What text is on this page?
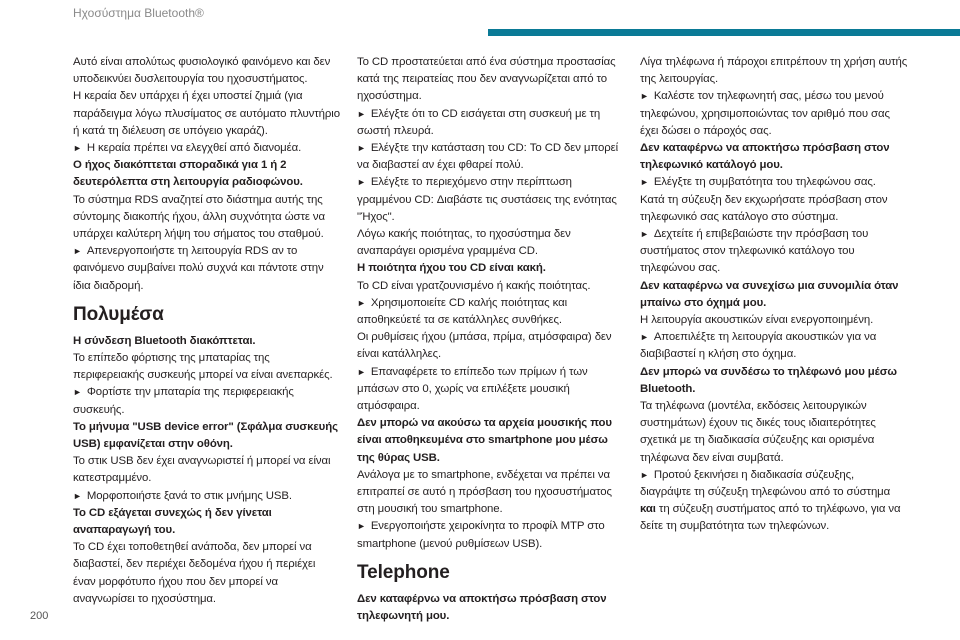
Ηχοσύστημα Bluetooth®
Αυτό είναι απολύτως φυσιολογικό φαινόμενο και δεν υποδεικνύει δυσλειτουργία του ηχοσυστήματος.
Η κεραία δεν υπάρχει ή έχει υποστεί ζημιά (για παράδειγμα λόγω πλυσίματος σε αυτόματο πλυντήριο ή κατά τη διέλευση σε υπόγειο γκαράζ).
► Η κεραία πρέπει να ελεγχθεί από διανομέα.
Ο ήχος διακόπτεται σποραδικά για 1 ή 2 δευτερόλεπτα στη λειτουργία ραδιοφώνου.
Το σύστημα RDS αναζητεί στο διάστημα αυτής της σύντομης διακοπής ήχου, άλλη συχνότητα ώστε να υπάρχει καλύτερη λήψη του σήματος του σταθμού.
► Απενεργοποιήστε τη λειτουργία RDS αν το φαινόμενο συμβαίνει πολύ συχνά και πάντοτε στην ίδια διαδρομή.
Πολυμέσα
Η σύνδεση Bluetooth διακόπτεται.
Το επίπεδο φόρτισης της μπαταρίας της περιφερειακής συσκευής μπορεί να είναι ανεπαρκές.
► Φορτίστε την μπαταρία της περιφερειακής συσκευής.
Το μήνυμα "USB device error" (Σφάλμα συσκευής USB) εμφανίζεται στην οθόνη.
Το στικ USB δεν έχει αναγνωριστεί ή μπορεί να είναι κατεστραμμένο.
► Μορφοποιήστε ξανά το στικ μνήμης USB.
Το CD εξάγεται συνεχώς ή δεν γίνεται αναπαραγωγή του.
Το CD έχει τοποθετηθεί ανάποδα, δεν μπορεί να διαβαστεί, δεν περιέχει δεδομένα ήχου ή περιέχει έναν μορφότυπο ήχου που δεν μπορεί να αναγνωρίσει το ηχοσύστημα.
Το CD προστατεύεται από ένα σύστημα προστασίας κατά της πειρατείας που δεν αναγνωρίζεται από το ηχοσύστημα.
► Ελέγξτε ότι το CD εισάγεται στη συσκευή με τη σωστή πλευρά.
► Ελέγξτε την κατάσταση του CD: Το CD δεν μπορεί να διαβαστεί αν έχει φθαρεί πολύ.
► Ελέγξτε το περιεχόμενο στην περίπτωση γραμμένου CD: Διαβάστε τις συστάσεις της ενότητας "Ήχος".
Λόγω κακής ποιότητας, το ηχοσύστημα δεν αναπαράγει ορισμένα γραμμένα CD.
Η ποιότητα ήχου του CD είναι κακή.
Το CD είναι γρατζουνισμένο ή κακής ποιότητας.
► Χρησιμοποιείτε CD καλής ποιότητας και αποθηκεύετέ τα σε κατάλληλες συνθήκες.
Οι ρυθμίσεις ήχου (μπάσα, πρίμα, ατμόσφαιρα) δεν είναι κατάλληλες.
► Επαναφέρετε το επίπεδο των πρίμων ή των μπάσων στο 0, χωρίς να επιλέξετε μουσική ατμόσφαιρα.
Δεν μπορώ να ακούσω τα αρχεία μουσικής που είναι αποθηκευμένα στο smartphone μου μέσω της θύρας USB.
Ανάλογα με το smartphone, ενδέχεται να πρέπει να επιτραπεί σε αυτό η πρόσβαση του ηχοσυστήματος στη μουσική του smartphone.
► Ενεργοποιήστε χειροκίνητα το προφίλ MTP στο smartphone (μενού ρυθμίσεων USB).
Telephone
Δεν καταφέρνω να αποκτήσω πρόσβαση στον τηλεφωνητή μου.
Λίγα τηλέφωνα ή πάροχοι επιτρέπουν τη χρήση αυτής της λειτουργίας.
► Καλέστε τον τηλεφωνητή σας, μέσω του μενού τηλεφώνου, χρησιμοποιώντας τον αριθμό που σας έχει δώσει ο πάροχός σας.
Δεν καταφέρνω να αποκτήσω πρόσβαση στον τηλεφωνικό κατάλογό μου.
► Ελέγξτε τη συμβατότητα του τηλεφώνου σας.
Κατά τη σύζευξη δεν εκχωρήσατε πρόσβαση στον τηλεφωνικό σας κατάλογο στο σύστημα.
► Δεχτείτε ή επιβεβαιώστε την πρόσβαση του συστήματος στον τηλεφωνικό κατάλογο του τηλεφώνου σας.
Δεν καταφέρνω να συνεχίσω μια συνομιλία όταν μπαίνω στο όχημά μου.
Η λειτουργία ακουστικών είναι ενεργοποιημένη.
► Αποεπιλέξτε τη λειτουργία ακουστικών για να διαβιβαστεί η κλήση στο όχημα.
Δεν μπορώ να συνδέσω το τηλέφωνό μου μέσω Bluetooth.
Τα τηλέφωνα (μοντέλα, εκδόσεις λειτουργικών συστημάτων) έχουν τις δικές τους ιδιαιτερότητες σχετικά με τη διαδικασία σύζευξης και ορισμένα τηλέφωνα δεν είναι συμβατά.
► Προτού ξεκινήσει η διαδικασία σύζευξης, διαγράψτε τη σύζευξη τηλεφώνου από το σύστημα και τη σύζευξη συστήματος από το τηλέφωνο, για να δείτε τη συμβατότητα των τηλεφώνων.
200
